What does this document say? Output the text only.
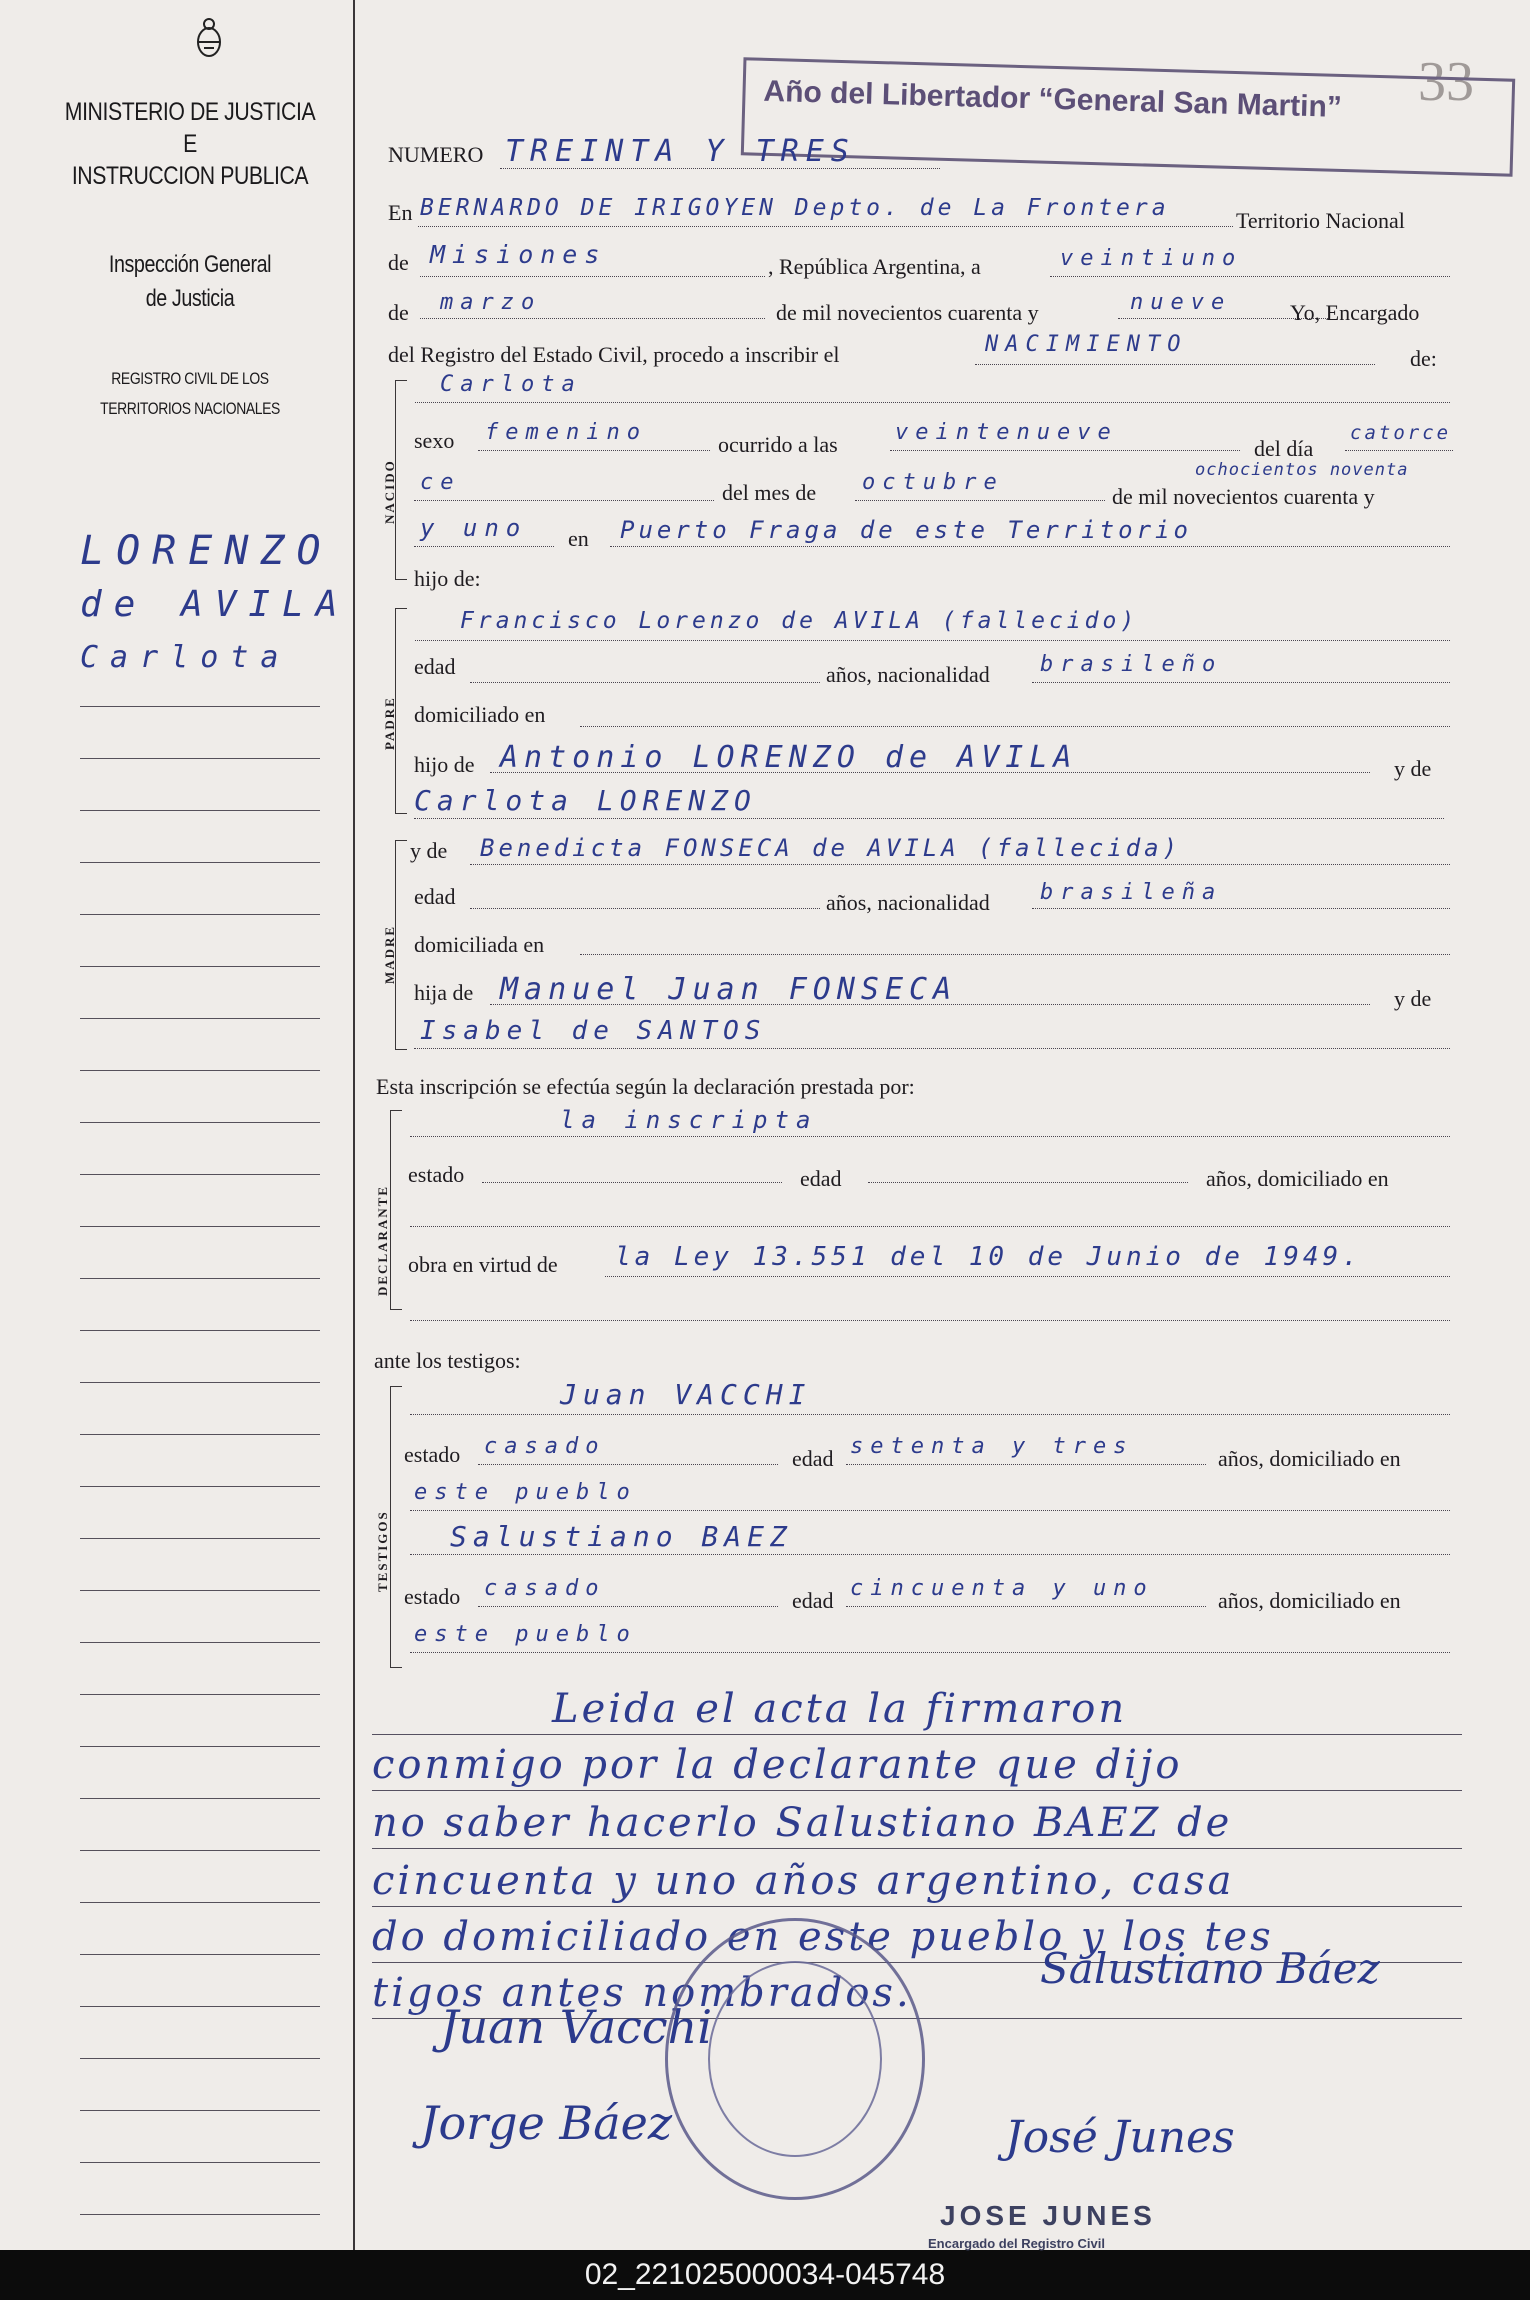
33
MINISTERIO DE JUSTICIA
E
INSTRUCCION PUBLICA
Inspección General
de Justicia
REGISTRO CIVIL DE LOS
TERRITORIOS NACIONALES
LORENZO
de AVILA
Carlota
Año del Libertador “General San Martin”
NUMERO TREINTA Y TRES
En BERNARDO DE IRIGOYEN Depto. de La Frontera	Territorio Nacional
de Misiones	, República Argentina, a	veintiuno
de marzo	de mil novecientos cuarenta y	nueve	Yo, Encargado
del Registro del Estado Civil, procedo a inscribir el	NACIMIENTO
de:
NACIDO
Carlota
sexo femenino	ocurrido a las	veintenueve
del día
catorce
ce	del mes de octubre
de mil novecientos cuarenta y
ochocientos noventa
y uno en Puerto Fraga de este Territorio
hijo de:
PADRE
Francisco Lorenzo de AVILA (fallecido)
edad	años, nacionalidad brasileño
domiciliado en
hijo de Antonio LORENZO de AVILA	y de
Carlota LORENZO
y de Benedicta FONSECA de AVILA (fallecida)
MADRE
edad	años, nacionalidad brasileña
domiciliada en
hija de Manuel Juan FONSECA	y de
Isabel de SANTOS
Esta inscripción se efectúa según la declaración prestada por:
DECLARANTE
la inscripta
estado	edad	años, domiciliado en
obra en virtud de la Ley 13.551 del 10 de Junio de 1949.
ante los testigos:
TESTIGOS
Juan VACCHI
estado casado	edad setenta y tres	años, domiciliado en
este pueblo
Salustiano BAEZ
estado casado	edad cincuenta y uno	años, domiciliado en
este pueblo
Leida el acta la firmaron
conmigo por la declarante que dijo
no saber hacerlo Salustiano BAEZ de
cincuenta y uno años argentino, casa
do domiciliado en este pueblo y los tes
tigos antes nombrados.	Salustiano Báez
Juan Vacchi
Jorge Báez	José Junes
JOSE JUNES
Encargado del Registro Civil
02_221025000034-045748
